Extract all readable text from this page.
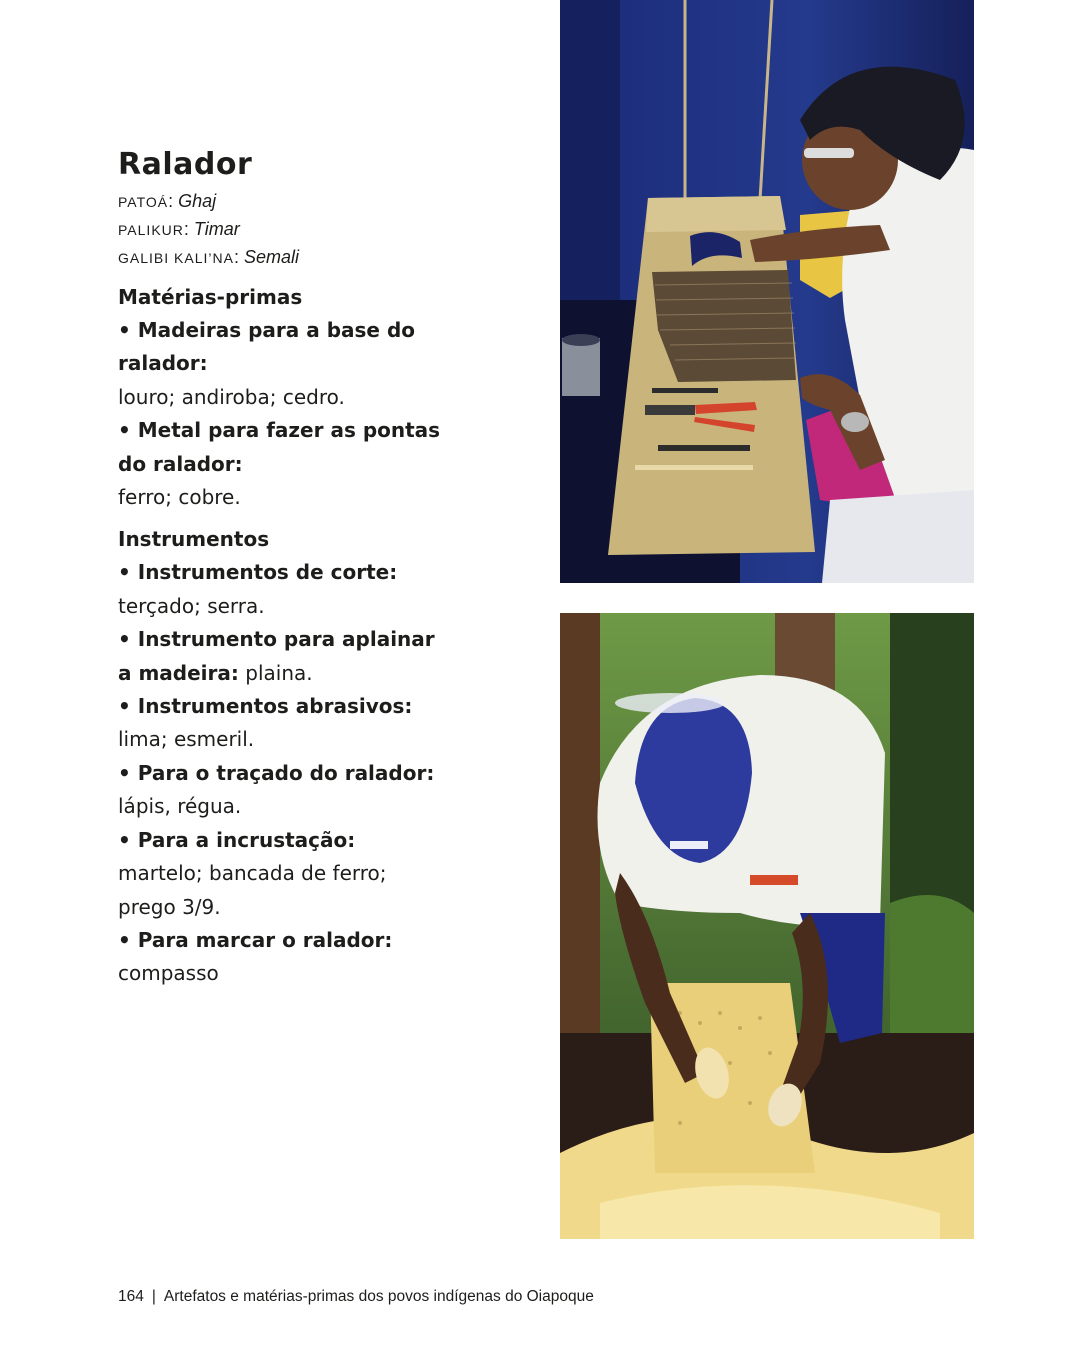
Ralador
PATOÁ: Ghaj
PALIKUR: Timar
GALIBI KALI’NA: Semali
Matérias-primas
• Madeiras para a base do ralador:
louro; andiroba; cedro.
• Metal para fazer as pontas do ralador:
ferro; cobre.
Instrumentos
• Instrumentos de corte:
terçado; serra.
• Instrumento para aplainar a madeira: plaina.
• Instrumentos abrasivos:
lima; esmeril.
• Para o traçado do ralador:
lápis, régua.
• Para a incrustação:
martelo; bancada de ferro; prego 3/9.
• Para marcar o ralador:
compasso
164 | Artefatos e matérias-primas dos povos indígenas do Oiapoque
